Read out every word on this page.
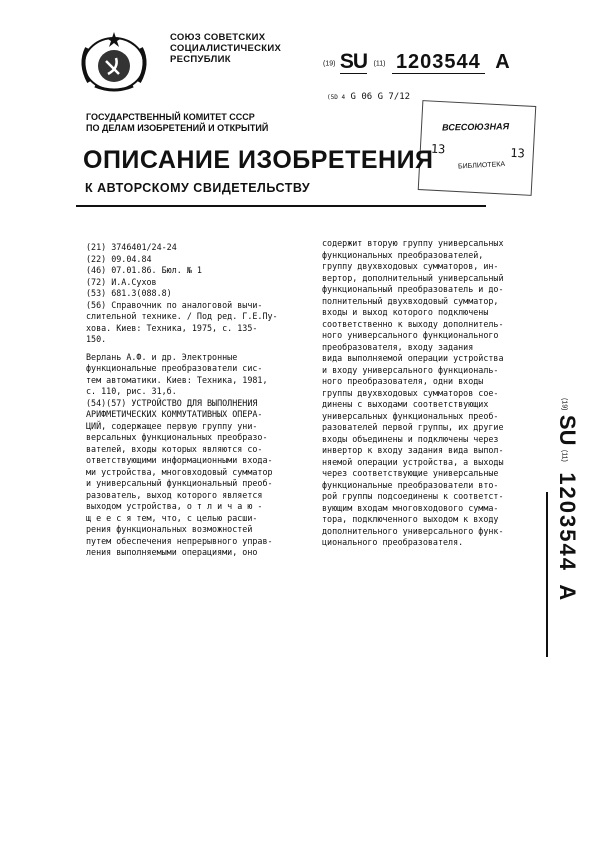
СОЮЗ СОВЕТСКИХ
СОЦИАЛИСТИЧЕСКИХ
РЕСПУБЛИК	(19) SU (11) 1203544 A
(5D 4 G 06 G 7/12
ГОСУДАРСТВЕННЫЙ КОМИТЕТ СССР
ПО ДЕЛАМ ИЗОБРЕТЕНИЙ И ОТКРЫТИЙ	ВСЕСОЮЗНАЯ
13	13
БИБЛИОТЕКА
ОПИСАНИЕ ИЗОБРЕТЕНИЯ
К АВТОРСКОМУ СВИДЕТЕЛЬСТВУ
(21) 3746401/24-24
(22) 09.04.84
(46) 07.01.86. Бюл. № 1
(72) И.А.Сухов
(53) 681.3(088.8)
(56) Справочник по аналоговой вычи-
слительной технике. / Под ред. Г.Е.Пу-
хова. Киев: Техника, 1975, с. 135-
150.
Верлань А.Ф. и др. Электронные
функциональные преобразователи сис-
тем автоматики. Киев: Техника, 1981,
с. 110, рис. 31,б.
(54)(57) УСТРОЙСТВО ДЛЯ ВЫПОЛНЕНИЯ
АРИФМЕТИЧЕСКИХ КОММУТАТИВНЫХ ОПЕРА-
ЦИЙ, содержащее первую группу уни-
версальных функциональных преобразо-
вателей, входы которых являются со-
ответствующими информационными входа-
ми устройства, многовходовый сумматор
и универсальный функциональный преоб-
разователь, выход которого является
выходом устройства, о т л и ч а ю -
щ е е с я тем, что, с целью расши-
рения функциональных возможностей
путем обеспечения непрерывного управ-
ления выполняемыми операциями, оно
содержит вторую группу универсальных
функциональных преобразователей,
группу двухвходовых сумматоров, ин-
вертор, дополнительный универсальный
функциональный преобразователь и до-
полнительный двухвходовый сумматор,
входы и выход которого подключены
соответственно к выходу дополнитель-
ного универсального функционального
преобразователя, входу задания
вида выполняемой операции устройства
и входу универсального функциональ-
ного преобразователя, одни входы
группы двухвходовых сумматоров сое-
динены с выходами соответствующих
универсальных функциональных преоб-
разователей первой группы, их другие
входы объединены и подключены через
инвертор к входу задания вида выпол-
няемой операции устройства, а выходы
через соответствующие универсальные
функциональные преобразователи вто-
рой группы подсоединены к соответст-
вующим входам многовходового сумма-
тора, подключенного выходом к входу
дополнительного универсального функ-
ционального преобразователя.
(19) SU (11) 1203544 A
